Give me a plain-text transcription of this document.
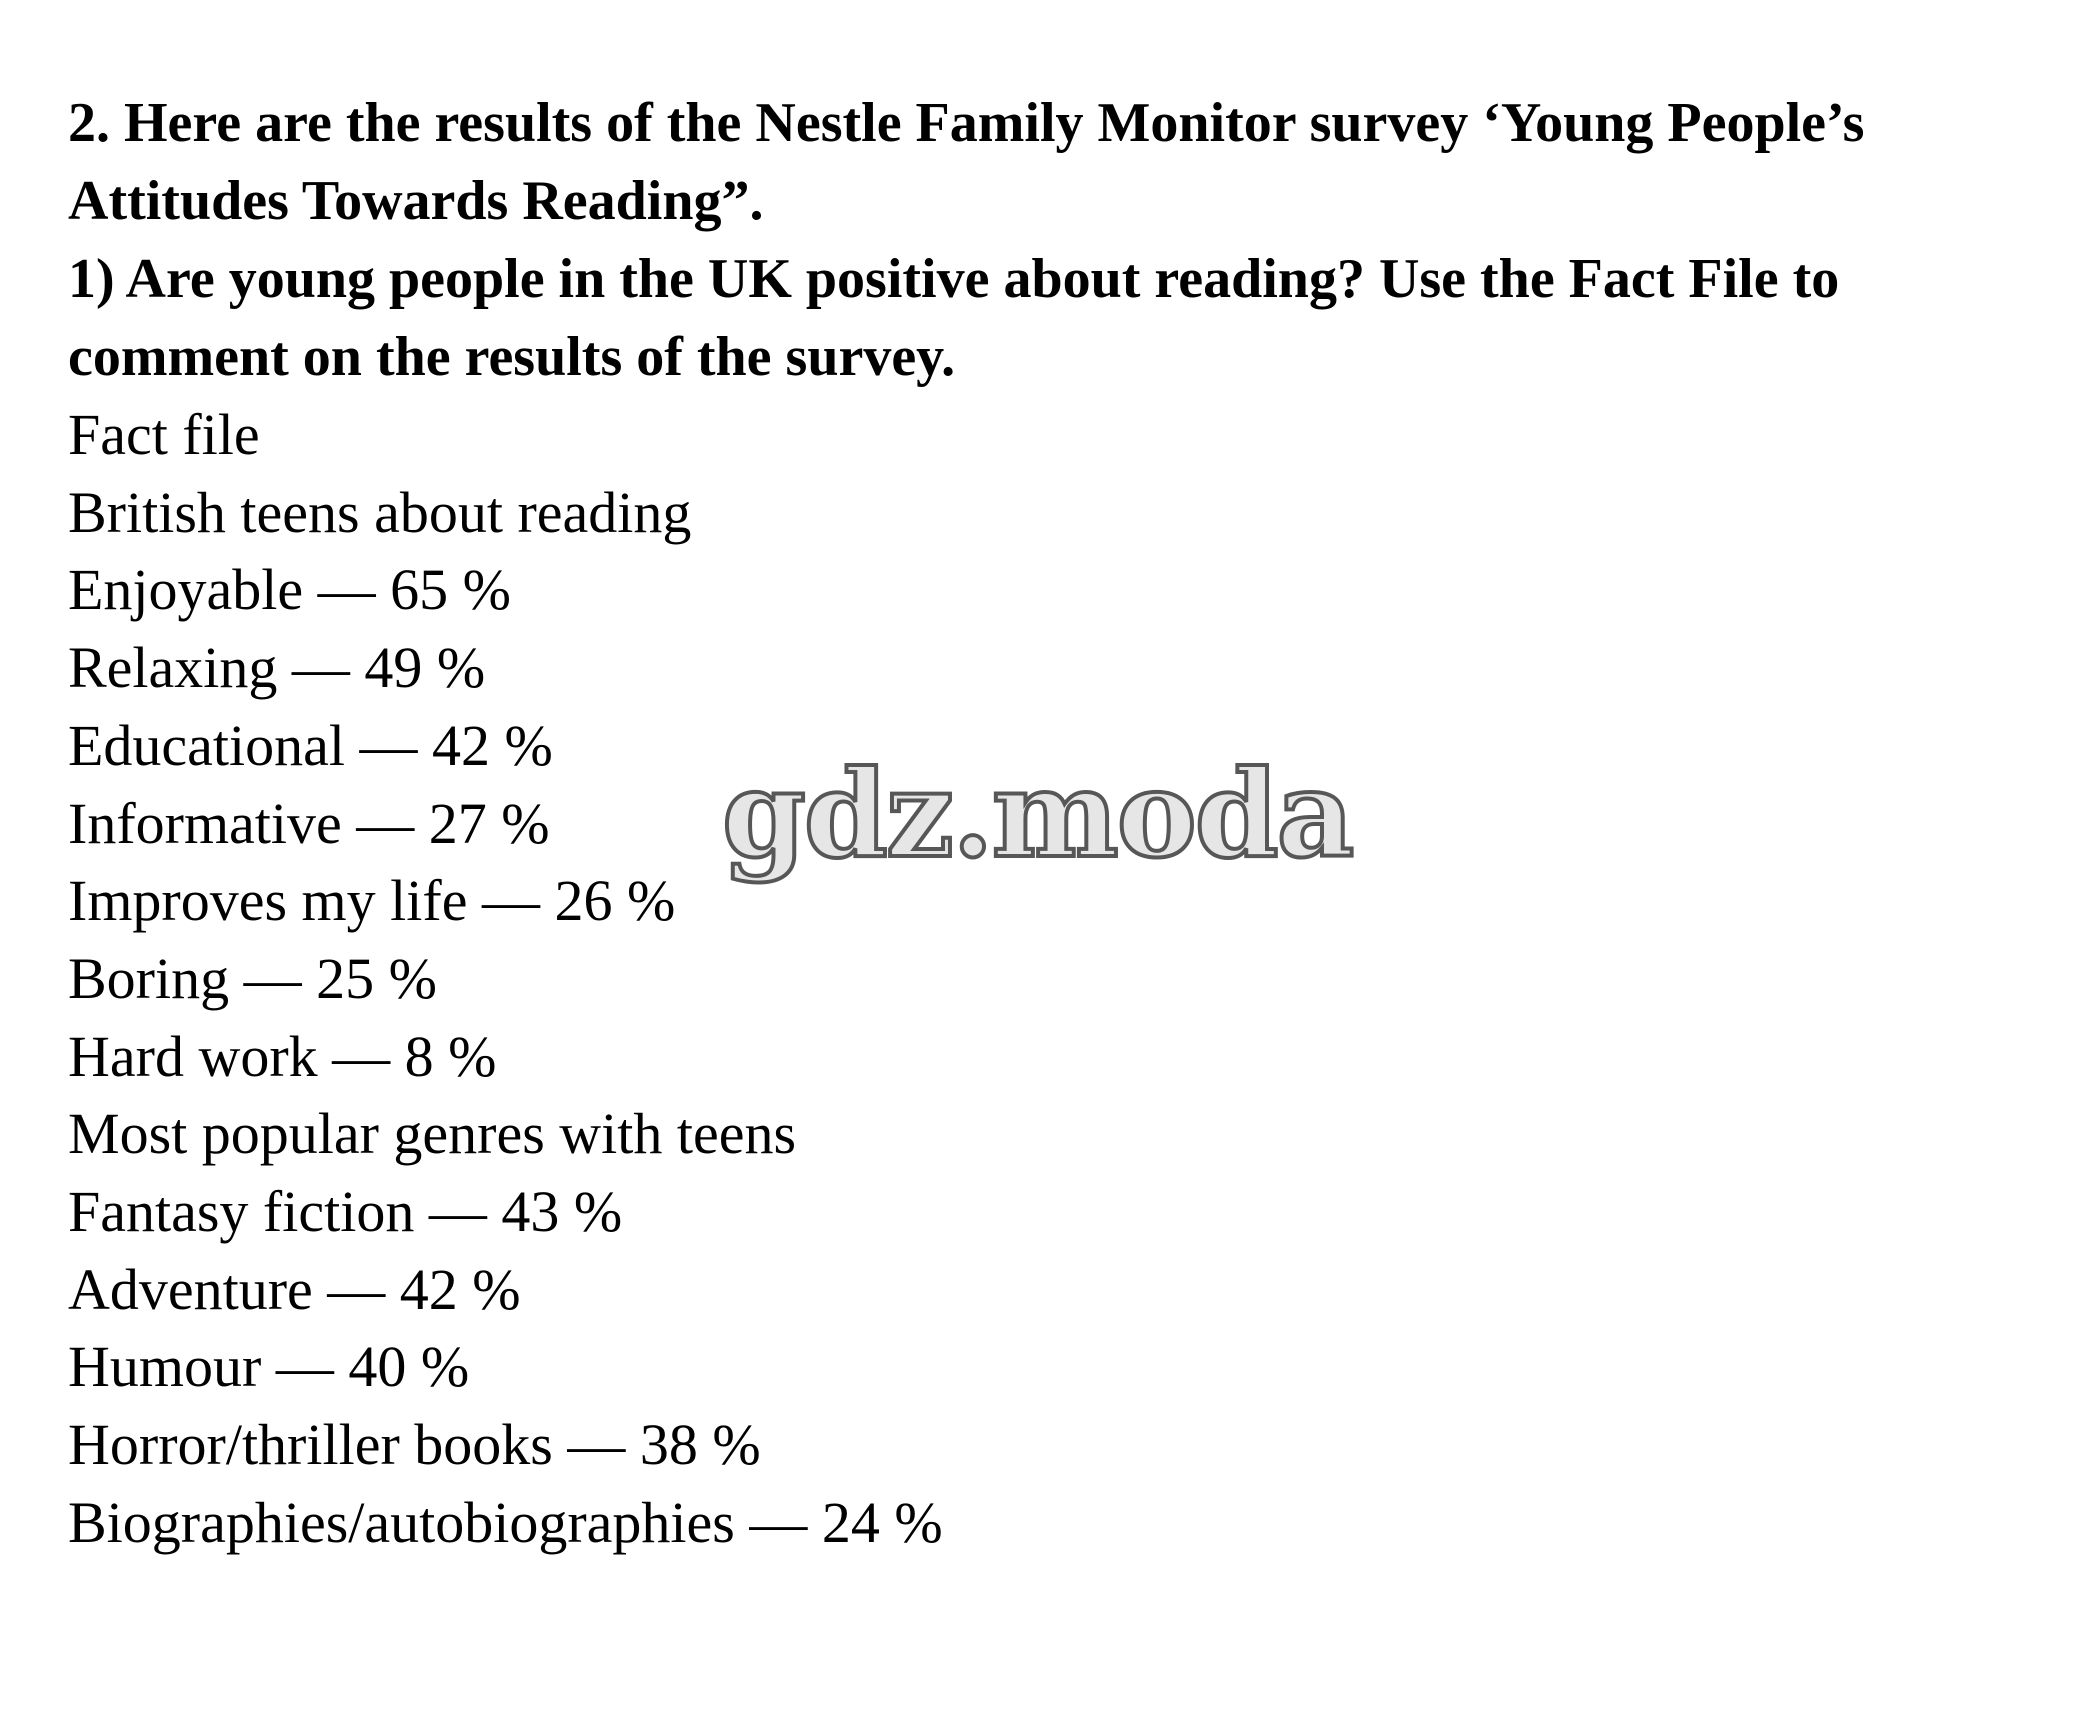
2. Here are the results of the Nestle Family Monitor survey ‘Young People’s
Attitudes Towards Reading”.
1) Are young people in the UK positive about reading? Use the Fact File to
comment on the results of the survey.

Fact file

British teens about reading

Enjoyable — 65 %

Relaxing — 49 %

Educational — 42 %

Informative — 27 %

Improves my life — 26 %

Boring — 25 %

Hard work — 8 %

Most popular genres with teens

Fantasy fiction — 43 %

Adventure — 42 %

Humour — 40 %

Horror/thriller books — 38 %

Biographies/autobiographies — 24 %

gdz.moda
